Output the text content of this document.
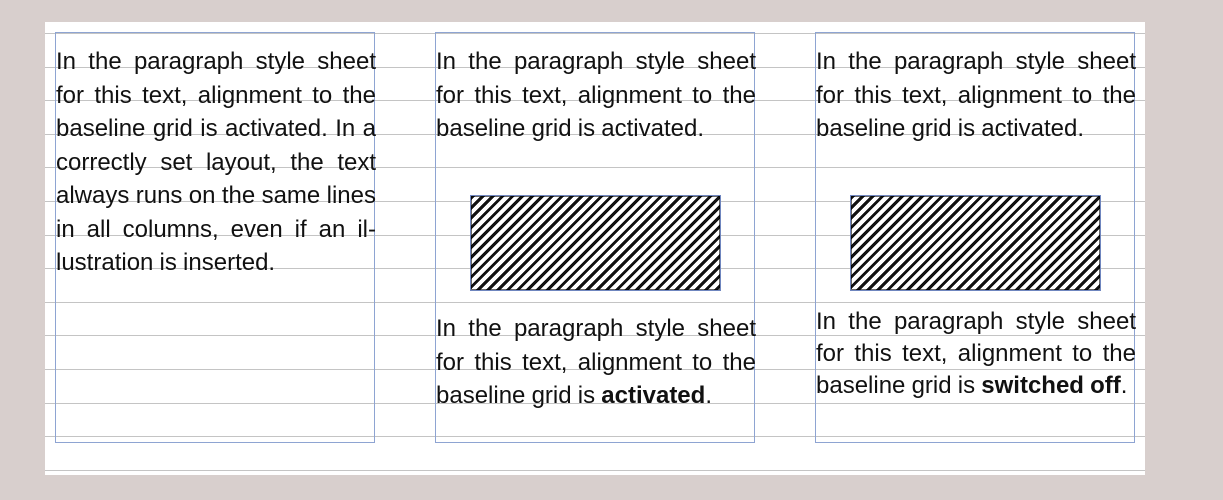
In the paragraph style sheet for this text, alignment to the baseline grid is activated. In a correctly set layout, the text always runs on the same lines in all columns, even if an illustration is inserted.
In the paragraph style sheet for this text, alignment to the baseline grid is activated.
In the paragraph style sheet for this text, alignment to the baseline grid is activated.
In the paragraph style sheet for this text, alignment to the baseline grid is activated.
In the paragraph style sheet for this text, alignment to the baseline grid is switched off.
